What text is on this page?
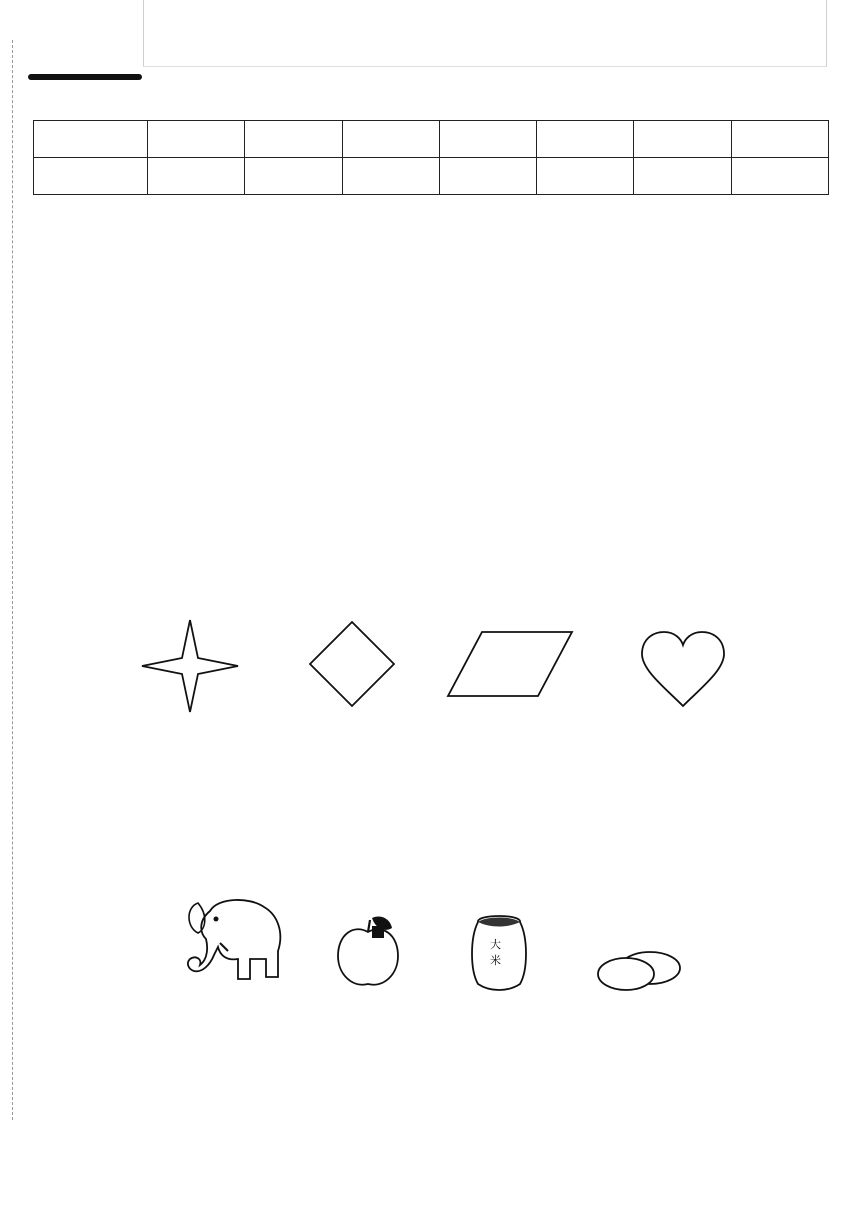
大
米
